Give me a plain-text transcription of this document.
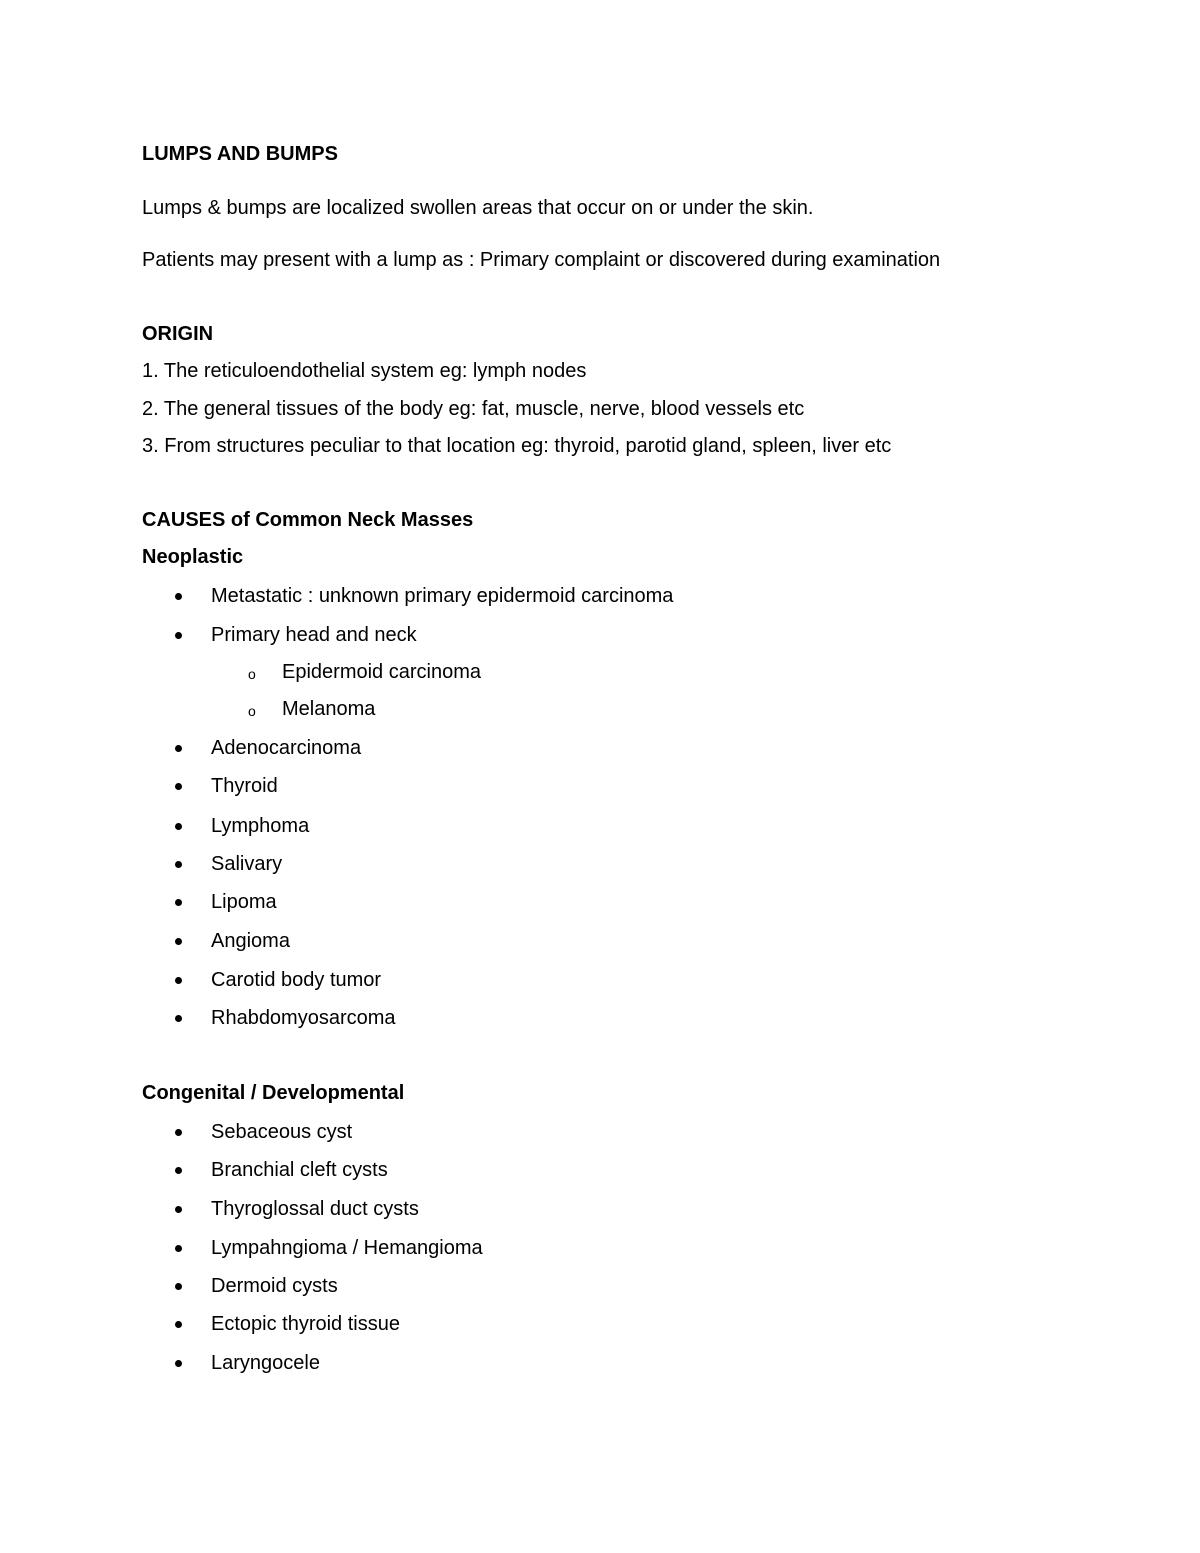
LUMPS AND BUMPS
Lumps & bumps are localized swollen areas that occur on or under the skin.
Patients may present with a lump as : Primary complaint or discovered during examination
ORIGIN
1. The reticuloendothelial system eg: lymph nodes
2. The general tissues of the body eg: fat, muscle, nerve, blood vessels etc
3. From structures peculiar to that location eg: thyroid, parotid gland, spleen, liver etc
CAUSES of Common Neck Masses
Neoplastic
Metastatic : unknown primary epidermoid carcinoma
Primary head and neck
o Epidermoid carcinoma
o Melanoma
Adenocarcinoma
Thyroid
Lymphoma
Salivary
Lipoma
Angioma
Carotid body tumor
Rhabdomyosarcoma
Congenital / Developmental
Sebaceous cyst
Branchial cleft cysts
Thyroglossal duct cysts
Lympahngioma / Hemangioma
Dermoid cysts
Ectopic thyroid tissue
Laryngocele
